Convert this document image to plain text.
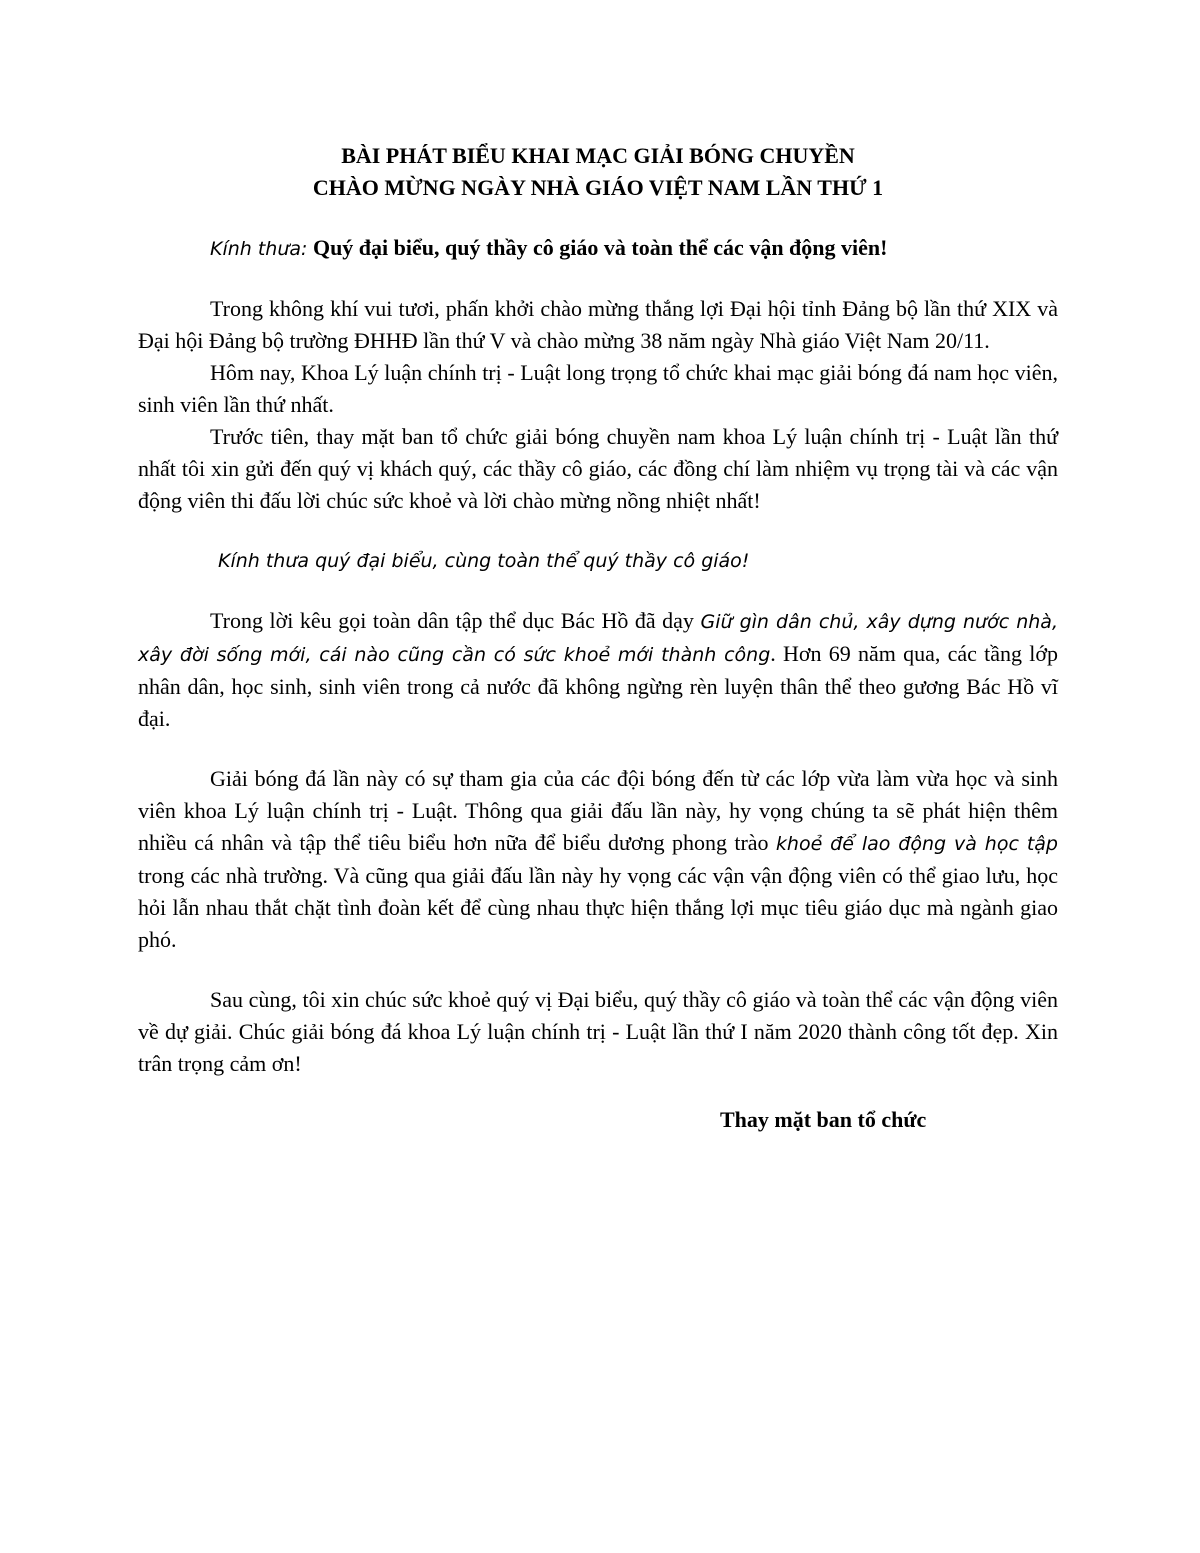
BÀI PHÁT BIỂU KHAI MẠC GIẢI BÓNG CHUYỀN
CHÀO MỪNG NGÀY NHÀ GIÁO VIỆT NAM LẦN THỨ 1
Kính thưa: Quý đại biểu, quý thầy cô giáo và toàn thể các vận động viên!

Trong không khí vui tươi, phấn khởi chào mừng thắng lợi Đại hội tỉnh Đảng bộ lần thứ XIX và Đại hội Đảng bộ trường ĐHHĐ lần thứ V và chào mừng 38 năm ngày Nhà giáo Việt Nam 20/11.

Hôm nay, Khoa Lý luận chính trị - Luật long trọng tổ chức khai mạc giải bóng đá nam học viên, sinh viên lần thứ nhất.

Trước tiên, thay mặt ban tổ chức giải bóng chuyền nam khoa Lý luận chính trị - Luật lần thứ nhất tôi xin gửi đến quý vị khách quý, các thầy cô giáo, các đồng chí làm nhiệm vụ trọng tài và các vận động viên thi đấu lời chúc sức khoẻ và lời chào mừng nồng nhiệt nhất!

Kính thưa quý đại biểu, cùng toàn thể quý thầy cô giáo!

Trong lời kêu gọi toàn dân tập thể dục Bác Hồ đã dạy Giữ gìn dân chủ, xây dựng nước nhà, xây đời sống mới, cái nào cũng cần có sức khoẻ mới thành công. Hơn 69 năm qua, các tầng lớp nhân dân, học sinh, sinh viên trong cả nước đã không ngừng rèn luyện thân thể theo gương Bác Hồ vĩ đại.

Giải bóng đá lần này có sự tham gia của các đội bóng đến từ các lớp vừa làm vừa học và sinh viên khoa Lý luận chính trị - Luật. Thông qua giải đấu lần này, hy vọng chúng ta sẽ phát hiện thêm nhiều cá nhân và tập thể tiêu biểu hơn nữa để biểu dương phong trào khoẻ để lao động và học tập trong các nhà trường. Và cũng qua giải đấu lần này hy vọng các vận vận động viên có thể giao lưu, học hỏi lẫn nhau thắt chặt tình đoàn kết để cùng nhau thực hiện thắng lợi mục tiêu giáo dục mà ngành giao phó.

Sau cùng, tôi xin chúc sức khoẻ quý vị Đại biểu, quý thầy cô giáo và toàn thể các vận động viên về dự giải. Chúc giải bóng đá khoa Lý luận chính trị - Luật lần thứ I năm 2020 thành công tốt đẹp. Xin trân trọng cảm ơn!

Thay mặt ban tổ chức
